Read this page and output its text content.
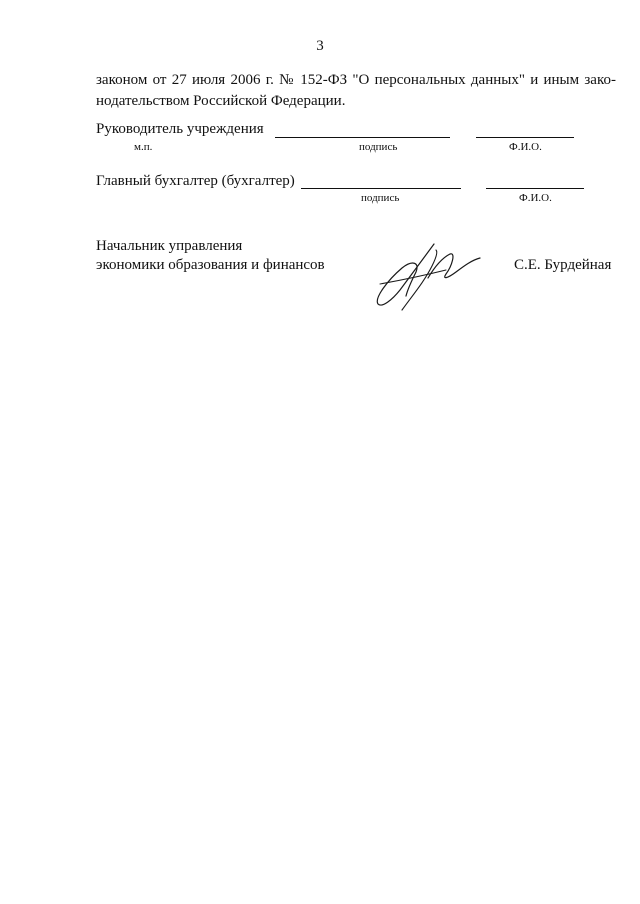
3
законом от 27 июля 2006 г. № 152-ФЗ "О персональных данных" и иным зако-
нодательством Российской Федерации.
Руководитель учреждения
м.п.	подпись	Ф.И.О.
Главный бухгалтер (бухгалтер)
подпись	Ф.И.О.
Начальник управления
экономики образования и финансов	С.Е. Бурдейная
